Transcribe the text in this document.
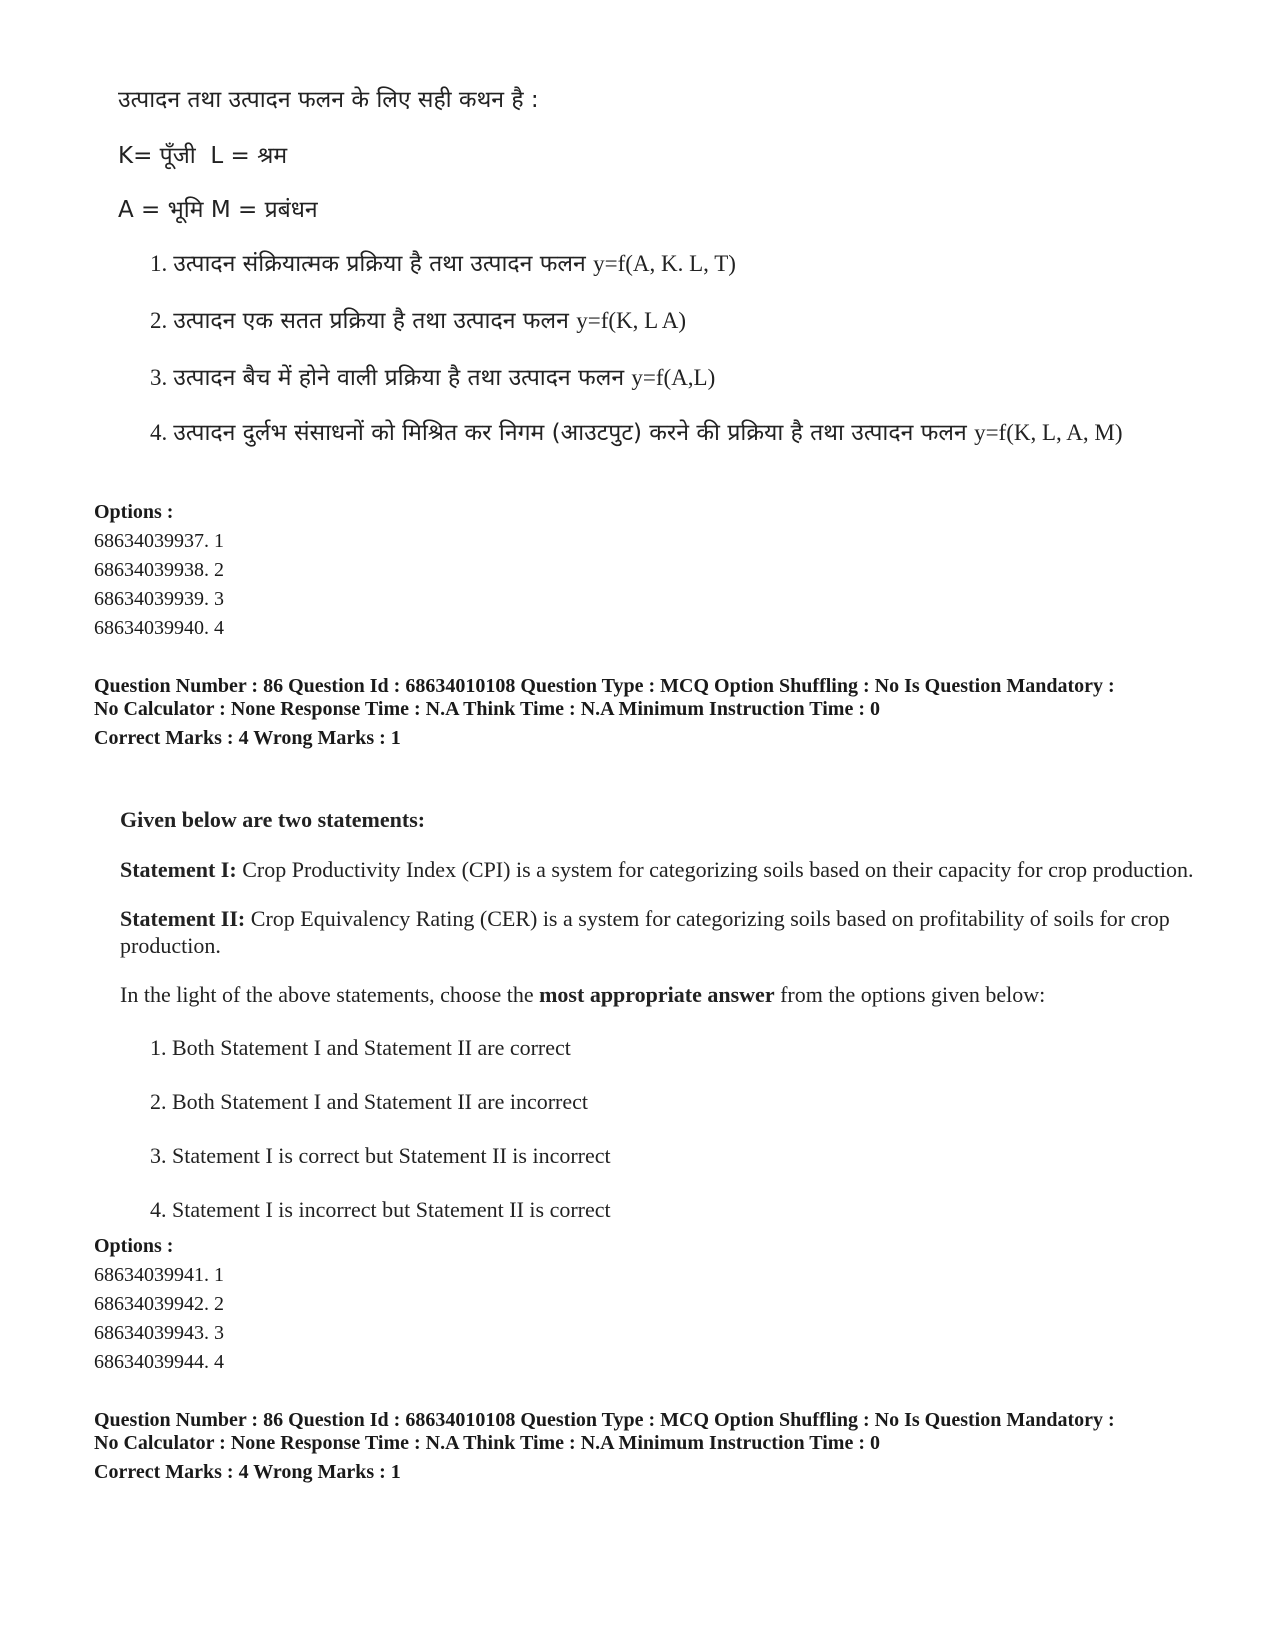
उत्पादन तथा उत्पादन फलन के लिए सही कथन है :
K= पूँजी L = श्रम
A = भूमि M = प्रबंधन
1. उत्पादन संक्रियात्मक प्रक्रिया है तथा उत्पादन फलन y=f(A, K. L, T)
2. उत्पादन एक सतत प्रक्रिया है तथा उत्पादन फलन y=f(K, L A)
3. उत्पादन बैच में होने वाली प्रक्रिया है तथा उत्पादन फलन y=f(A,L)
4. उत्पादन दुर्लभ संसाधनों को मिश्रित कर निगम (आउटपुट) करने की प्रक्रिया है तथा उत्पादन फलन y=f(K, L, A, M)
Options :
68634039937. 1
68634039938. 2
68634039939. 3
68634039940. 4
Question Number : 86 Question Id : 68634010108 Question Type : MCQ Option Shuffling : No Is Question Mandatory :
No Calculator : None Response Time : N.A Think Time : N.A Minimum Instruction Time : 0
Correct Marks : 4 Wrong Marks : 1

Given below are two statements:

Statement I: Crop Productivity Index (CPI) is a system for categorizing soils based on their capacity for crop production.

Statement II: Crop Equivalency Rating (CER) is a system for categorizing soils based on profitability of soils for crop production.

In the light of the above statements, choose the most appropriate answer from the options given below:

1. Both Statement I and Statement II are correct
2. Both Statement I and Statement II are incorrect
3. Statement I is correct but Statement II is incorrect
4. Statement I is incorrect but Statement II is correct
Options :
68634039941. 1
68634039942. 2
68634039943. 3
68634039944. 4
Question Number : 86 Question Id : 68634010108 Question Type : MCQ Option Shuffling : No Is Question Mandatory :
No Calculator : None Response Time : N.A Think Time : N.A Minimum Instruction Time : 0
Correct Marks : 4 Wrong Marks : 1
